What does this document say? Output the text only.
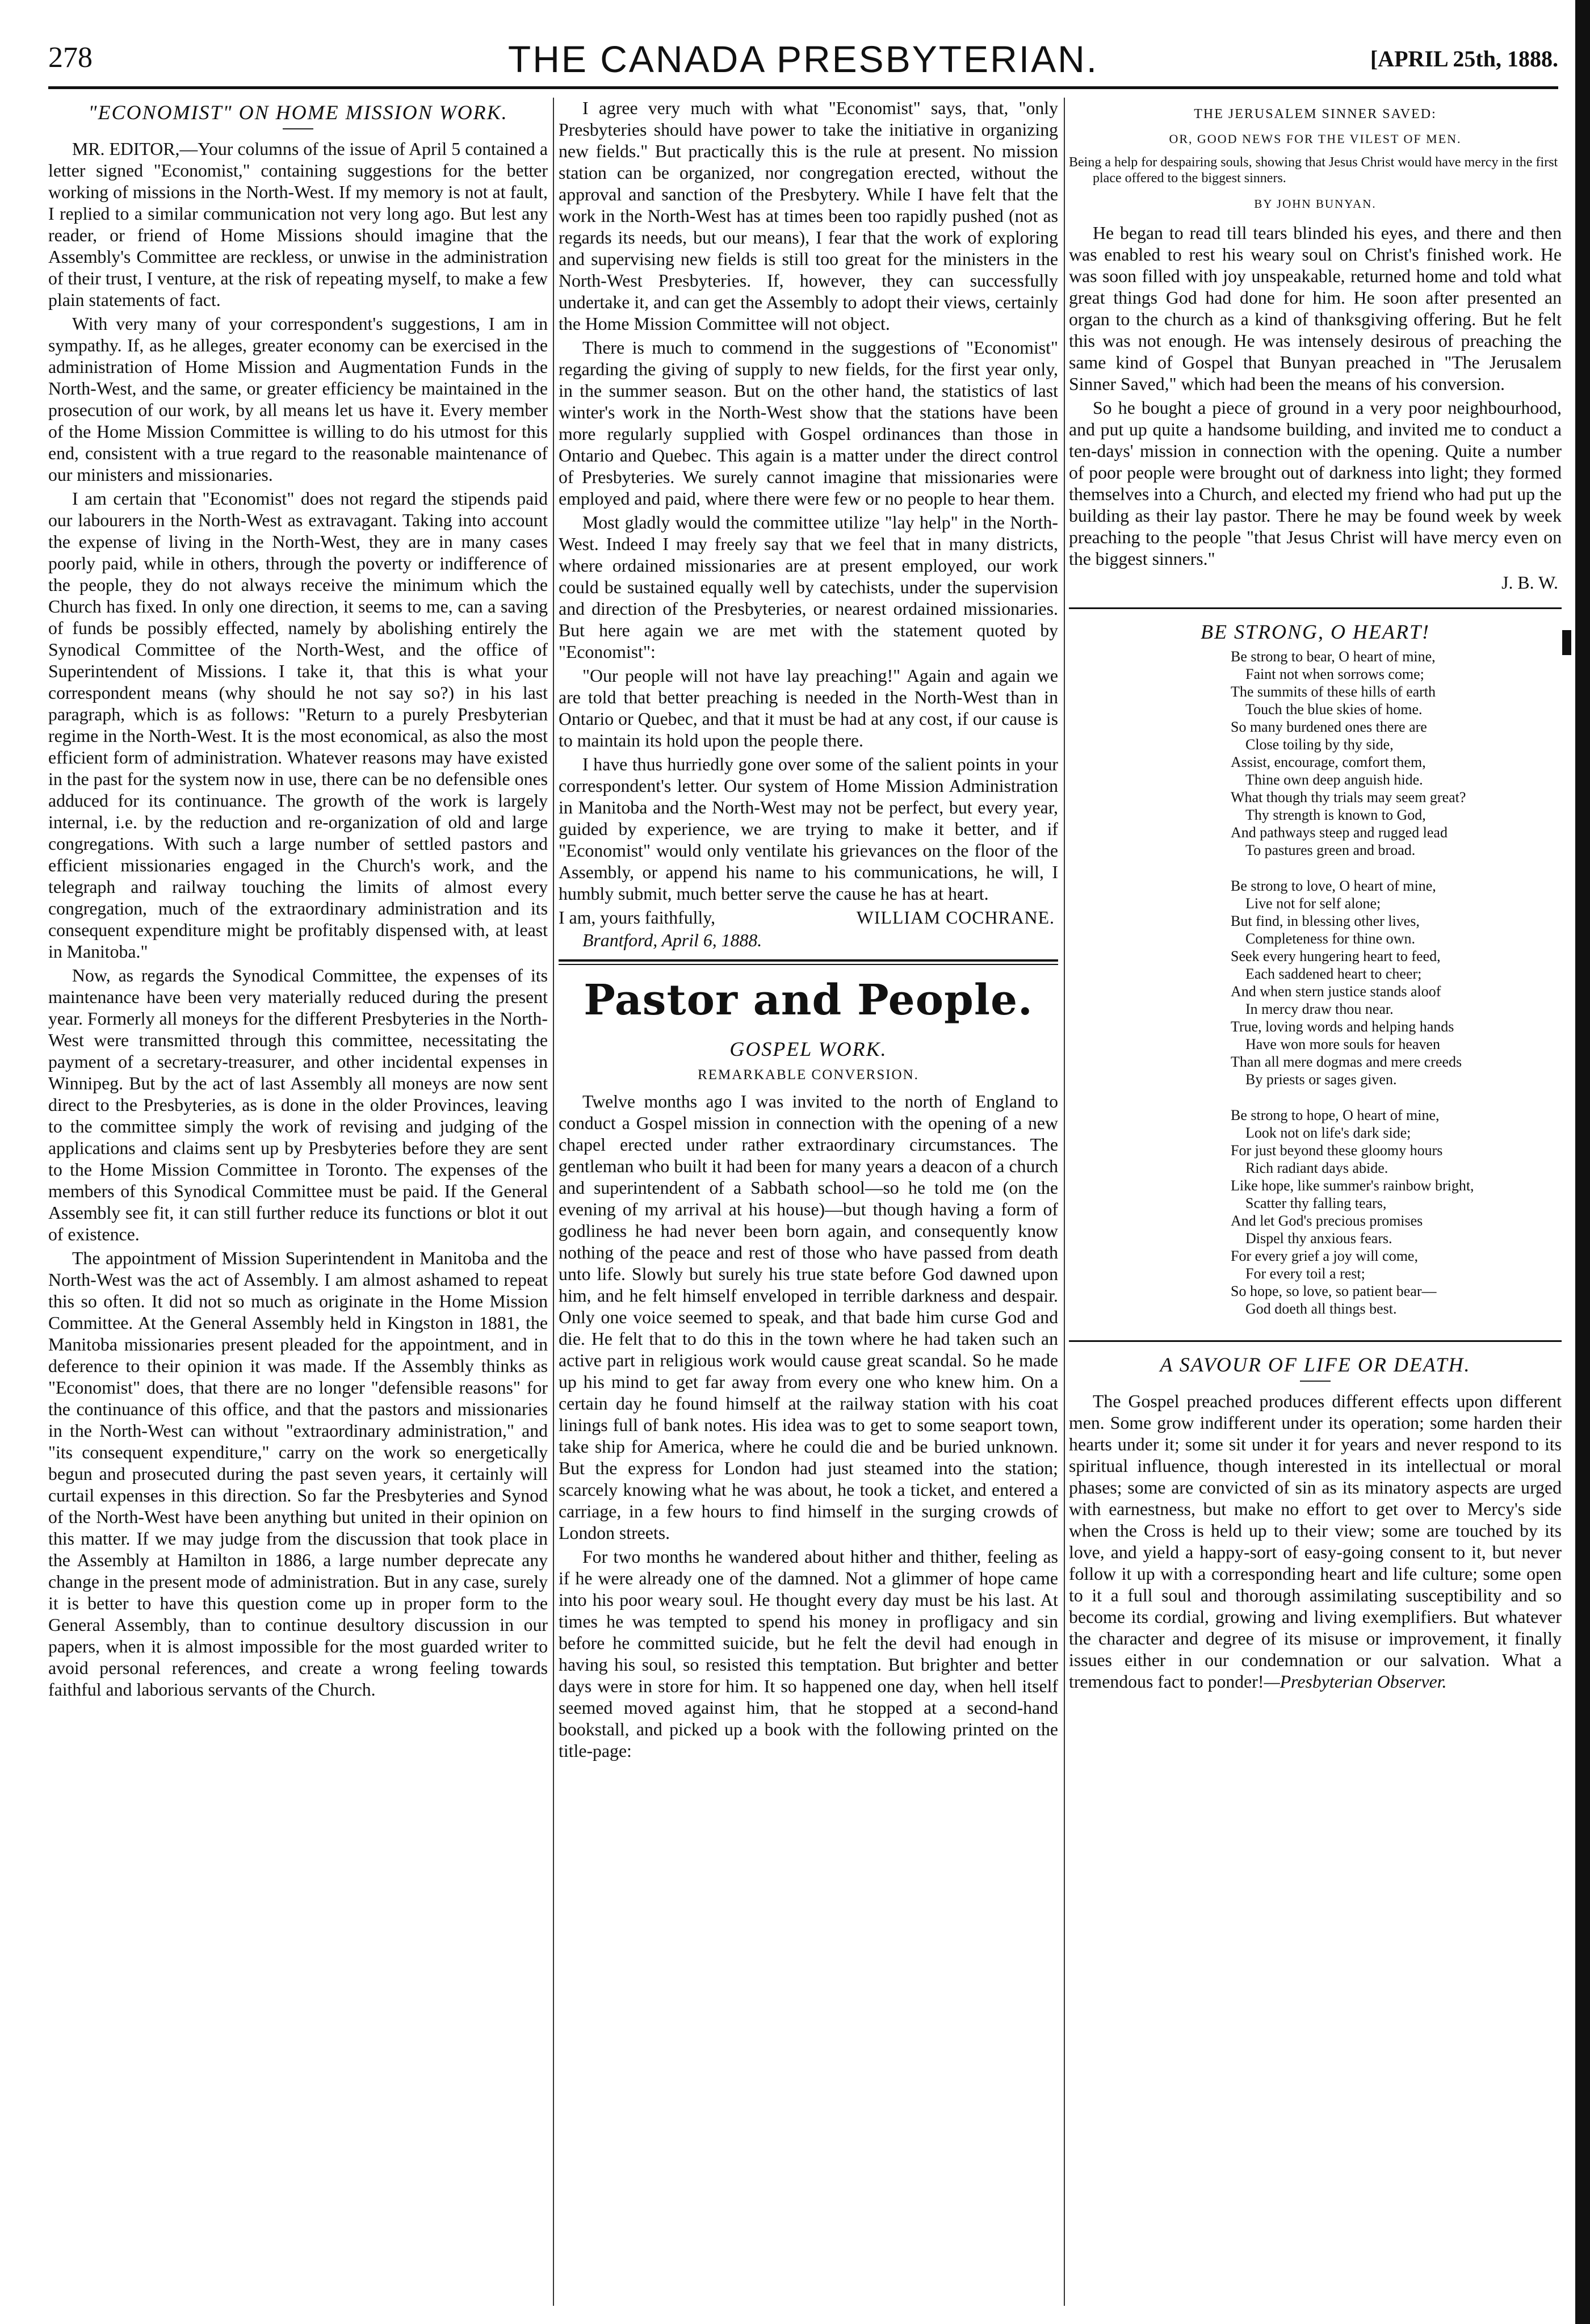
278	THE CANADA PRESBYTERIAN.	[APRIL 25th, 1888.
"ECONOMIST" ON HOME MISSION WORK.

MR. EDITOR,—Your columns of the issue of April 5 contained a letter signed "Economist," containing suggestions for the better working of missions in the North-West. If my memory is not at fault, I replied to a similar communication not very long ago. But lest any reader, or friend of Home Missions should imagine that the Assembly's Committee are reckless, or unwise in the administration of their trust, I venture, at the risk of repeating myself, to make a few plain statements of fact.

With very many of your correspondent's suggestions, I am in sympathy. If, as he alleges, greater economy can be exercised in the administration of Home Mission and Augmentation Funds in the North-West, and the same, or greater efficiency be maintained in the prosecution of our work, by all means let us have it. Every member of the Home Mission Committee is willing to do his utmost for this end, consistent with a true regard to the reasonable maintenance of our ministers and missionaries.

I am certain that "Economist" does not regard the stipends paid our labourers in the North-West as extravagant. Taking into account the expense of living in the North-West, they are in many cases poorly paid, while in others, through the poverty or indifference of the people, they do not always receive the minimum which the Church has fixed. In only one direction, it seems to me, can a saving of funds be possibly effected, namely by abolishing entirely the Synodical Committee of the North-West, and the office of Superintendent of Missions. I take it, that this is what your correspondent means (why should he not say so?) in his last paragraph, which is as follows: "Return to a purely Presbyterian regime in the North-West. It is the most economical, as also the most efficient form of administration. Whatever reasons may have existed in the past for the system now in use, there can be no defensible ones adduced for its continuance. The growth of the work is largely internal, i.e. by the reduction and re-organization of old and large congregations. With such a large number of settled pastors and efficient missionaries engaged in the Church's work, and the telegraph and railway touching the limits of almost every congregation, much of the extraordinary administration and its consequent expenditure might be profitably dispensed with, at least in Manitoba."

Now, as regards the Synodical Committee, the expenses of its maintenance have been very materially reduced during the present year. Formerly all moneys for the different Presbyteries in the North-West were transmitted through this committee, necessitating the payment of a secretary-treasurer, and other incidental expenses in Winnipeg. But by the act of last Assembly all moneys are now sent direct to the Presbyteries, as is done in the older Provinces, leaving to the committee simply the work of revising and judging of the applications and claims sent up by Presbyteries before they are sent to the Home Mission Committee in Toronto. The expenses of the members of this Synodical Committee must be paid. If the General Assembly see fit, it can still further reduce its functions or blot it out of existence.

The appointment of Mission Superintendent in Manitoba and the North-West was the act of Assembly. I am almost ashamed to repeat this so often. It did not so much as originate in the Home Mission Committee. At the General Assembly held in Kingston in 1881, the Manitoba missionaries present pleaded for the appointment, and in deference to their opinion it was made. If the Assembly thinks as "Economist" does, that there are no longer "defensible reasons" for the continuance of this office, and that the pastors and missionaries in the North-West can without "extraordinary administration," and "its consequent expenditure," carry on the work so energetically begun and prosecuted during the past seven years, it certainly will curtail expenses in this direction. So far the Presbyteries and Synod of the North-West have been anything but united in their opinion on this matter. If we may judge from the discussion that took place in the Assembly at Hamilton in 1886, a large number deprecate any change in the present mode of administration. But in any case, surely it is better to have this question come up in proper form to the General Assembly, than to continue desultory discussion in our papers, when it is almost impossible for the most guarded writer to avoid personal references, and create a wrong feeling towards faithful and laborious servants of the Church.

I agree very much with what "Economist" says, that, "only Presbyteries should have power to take the initiative in organizing new fields." But practically this is the rule at present. No mission station can be organized, nor congregation erected, without the approval and sanction of the Presbytery. While I have felt that the work in the North-West has at times been too rapidly pushed (not as regards its needs, but our means), I fear that the work of exploring and supervising new fields is still too great for the ministers in the North-West Presbyteries. If, however, they can successfully undertake it, and can get the Assembly to adopt their views, certainly the Home Mission Committee will not object.

There is much to commend in the suggestions of "Economist" regarding the giving of supply to new fields, for the first year only, in the summer season. But on the other hand, the statistics of last winter's work in the North-West show that the stations have been more regularly supplied with Gospel ordinances than those in Ontario and Quebec. This again is a matter under the direct control of Presbyteries. We surely cannot imagine that missionaries were employed and paid, where there were few or no people to hear them.

Most gladly would the committee utilize "lay help" in the North-West. Indeed I may freely say that we feel that in many districts, where ordained missionaries are at present employed, our work could be sustained equally well by catechists, under the supervision and direction of the Presbyteries, or nearest ordained missionaries. But here again we are met with the statement quoted by "Economist":

"Our people will not have lay preaching!" Again and again we are told that better preaching is needed in the North-West than in Ontario or Quebec, and that it must be had at any cost, if our cause is to maintain its hold upon the people there.

I have thus hurriedly gone over some of the salient points in your correspondent's letter. Our system of Home Mission Administration in Manitoba and the North-West may not be perfect, but every year, guided by experience, we are trying to make it better, and if "Economist" would only ventilate his grievances on the floor of the Assembly, or append his name to his communications, he will, I humbly submit, much better serve the cause he has at heart.

I am, yours faithfully,	WILLIAM COCHRANE.
Brantford, April 6, 1888.
Pastor and People.
GOSPEL WORK.
REMARKABLE CONVERSION.

Twelve months ago I was invited to the north of England to conduct a Gospel mission in connection with the opening of a new chapel erected under rather extraordinary circumstances. The gentleman who built it had been for many years a deacon of a church and superintendent of a Sabbath school—so he told me (on the evening of my arrival at his house)—but though having a form of godliness he had never been born again, and consequently know nothing of the peace and rest of those who have passed from death unto life. Slowly but surely his true state before God dawned upon him, and he felt himself enveloped in terrible darkness and despair. Only one voice seemed to speak, and that bade him curse God and die. He felt that to do this in the town where he had taken such an active part in religious work would cause great scandal. So he made up his mind to get far away from every one who knew him. On a certain day he found himself at the railway station with his coat linings full of bank notes. His idea was to get to some seaport town, take ship for America, where he could die and be buried unknown. But the express for London had just steamed into the station; scarcely knowing what he was about, he took a ticket, and entered a carriage, in a few hours to find himself in the surging crowds of London streets.

For two months he wandered about hither and thither, feeling as if he were already one of the damned. Not a glimmer of hope came into his poor weary soul. He thought every day must be his last. At times he was tempted to spend his money in profligacy and sin before he committed suicide, but he felt the devil had enough in having his soul, so resisted this temptation. But brighter and better days were in store for him. It so happened one day, when hell itself seemed moved against him, that he stopped at a second-hand bookstall, and picked up a book with the following printed on the title-page:

THE JERUSALEM SINNER SAVED:
OR, GOOD NEWS FOR THE VILEST OF MEN.
Being a help for despairing souls, showing that Jesus Christ would have mercy in the first place offered to the biggest sinners.
BY JOHN BUNYAN.

He began to read till tears blinded his eyes, and there and then was enabled to rest his weary soul on Christ's finished work. He was soon filled with joy unspeakable, returned home and told what great things God had done for him. He soon after presented an organ to the church as a kind of thanksgiving offering. But he felt this was not enough. He was intensely desirous of preaching the same kind of Gospel that Bunyan preached in "The Jerusalem Sinner Saved," which had been the means of his conversion.

So he bought a piece of ground in a very poor neighbourhood, and put up quite a handsome building, and invited me to conduct a ten-days' mission in connection with the opening. Quite a number of poor people were brought out of darkness into light; they formed themselves into a Church, and elected my friend who had put up the building as their lay pastor. There he may be found week by week preaching to the people "that Jesus Christ will have mercy even on the biggest sinners."

J. B. W.
BE STRONG, O HEART!
Be strong to bear, O heart of mine,
Faint not when sorrows come;
The summits of these hills of earth
Touch the blue skies of home.
So many burdened ones there are
Close toiling by thy side,
Assist, encourage, comfort them,
Thine own deep anguish hide.
What though thy trials may seem great?
Thy strength is known to God,
And pathways steep and rugged lead
To pastures green and broad.
Be strong to love, O heart of mine,
Live not for self alone;
But find, in blessing other lives,
Completeness for thine own.
Seek every hungering heart to feed,
Each saddened heart to cheer;
And when stern justice stands aloof
In mercy draw thou near.
True, loving words and helping hands
Have won more souls for heaven
Than all mere dogmas and mere creeds
By priests or sages given.
Be strong to hope, O heart of mine,
Look not on life's dark side;
For just beyond these gloomy hours
Rich radiant days abide.
Like hope, like summer's rainbow bright,
Scatter thy falling tears,
And let God's precious promises
Dispel thy anxious fears.
For every grief a joy will come,
For every toil a rest;
So hope, so love, so patient bear—
God doeth all things best.
A SAVOUR OF LIFE OR DEATH.

The Gospel preached produces different effects upon different men. Some grow indifferent under its operation; some harden their hearts under it; some sit under it for years and never respond to its spiritual influence, though interested in its intellectual or moral phases; some are convicted of sin as its minatory aspects are urged with earnestness, but make no effort to get over to Mercy's side when the Cross is held up to their view; some are touched by its love, and yield a happy-sort of easy-going consent to it, but never follow it up with a corresponding heart and life culture; some open to it a full soul and thorough assimilating susceptibility and so become its cordial, growing and living exemplifiers. But whatever the character and degree of its misuse or improvement, it finally issues either in our condemnation or our salvation. What a tremendous fact to ponder!—Presbyterian Observer.
